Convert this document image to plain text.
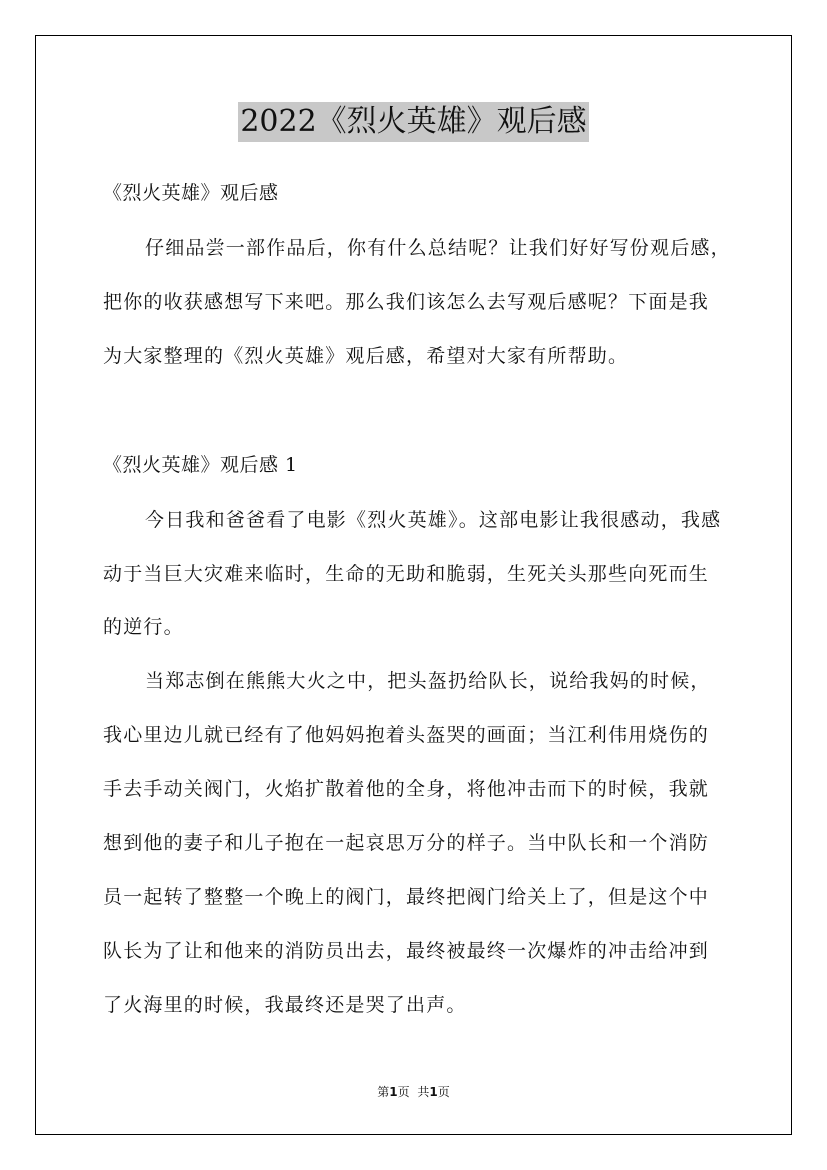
2022《烈火英雄》观后感
《烈火英雄》观后感
仔细品尝一部作品后，你有什么总结呢？让我们好好写份观后感，
把你的收获感想写下来吧。那么我们该怎么去写观后感呢？下面是我
为大家整理的《烈火英雄》观后感，希望对大家有所帮助。
《烈火英雄》观后感 1
今日我和爸爸看了电影《烈火英雄》。这部电影让我很感动，我感
动于当巨大灾难来临时，生命的无助和脆弱，生死关头那些向死而生
的逆行。
当郑志倒在熊熊大火之中，把头盔扔给队长，说给我妈的时候，
我心里边儿就已经有了他妈妈抱着头盔哭的画面；当江利伟用烧伤的
手去手动关阀门，火焰扩散着他的全身，将他冲击而下的时候，我就
想到他的妻子和儿子抱在一起哀思万分的样子。当中队长和一个消防
员一起转了整整一个晚上的阀门，最终把阀门给关上了，但是这个中
队长为了让和他来的消防员出去，最终被最终一次爆炸的冲击给冲到
了火海里的时候，我最终还是哭了出声。
第1页 共1页
